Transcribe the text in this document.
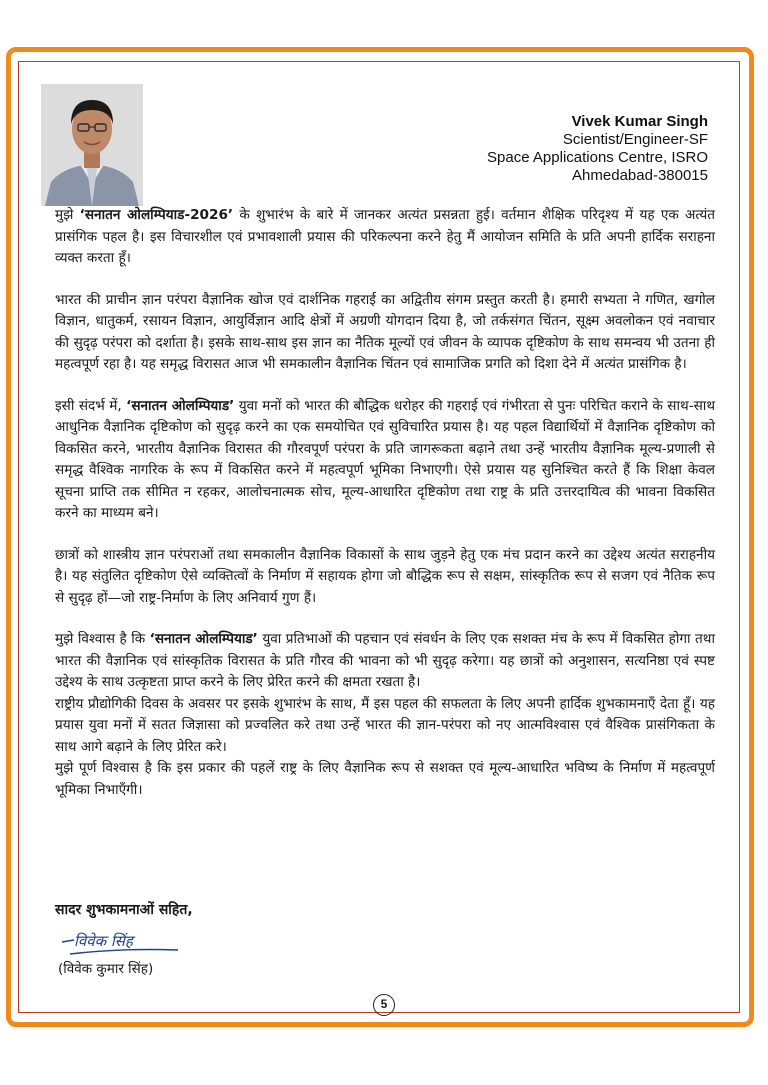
Vivek Kumar Singh
Scientist/Engineer-SF
Space Applications Centre, ISRO
Ahmedabad-380015

मुझे ‘सनातन ओलम्पियाड-2026’ के शुभारंभ के बारे में जानकर अत्यंत प्रसन्नता हुई। वर्तमान शैक्षिक परिदृश्य में यह एक अत्यंत प्रासंगिक पहल है। इस विचारशील एवं प्रभावशाली प्रयास की परिकल्पना करने हेतु मैं आयोजन समिति के प्रति अपनी हार्दिक सराहना व्यक्त करता हूँ।

भारत की प्राचीन ज्ञान परंपरा वैज्ञानिक खोज एवं दार्शनिक गहराई का अद्वितीय संगम प्रस्तुत करती है। हमारी सभ्यता ने गणित, खगोल विज्ञान, धातुकर्म, रसायन विज्ञान, आयुर्विज्ञान आदि क्षेत्रों में अग्रणी योगदान दिया है, जो तर्कसंगत चिंतन, सूक्ष्म अवलोकन एवं नवाचार की सुदृढ़ परंपरा को दर्शाता है। इसके साथ-साथ इस ज्ञान का नैतिक मूल्यों एवं जीवन के व्यापक दृष्टिकोण के साथ समन्वय भी उतना ही महत्वपूर्ण रहा है। यह समृद्ध विरासत आज भी समकालीन वैज्ञानिक चिंतन एवं सामाजिक प्रगति को दिशा देने में अत्यंत प्रासंगिक है।

इसी संदर्भ में, ‘सनातन ओलम्पियाड’ युवा मनों को भारत की बौद्धिक धरोहर की गहराई एवं गंभीरता से पुनः परिचित कराने के साथ-साथ आधुनिक वैज्ञानिक दृष्टिकोण को सुदृढ़ करने का एक समयोचित एवं सुविचारित प्रयास है। यह पहल विद्यार्थियों में वैज्ञानिक दृष्टिकोण को विकसित करने, भारतीय वैज्ञानिक विरासत की गौरवपूर्ण परंपरा के प्रति जागरूकता बढ़ाने तथा उन्हें भारतीय वैज्ञानिक मूल्य-प्रणाली से समृद्ध वैश्विक नागरिक के रूप में विकसित करने में महत्वपूर्ण भूमिका निभाएगी। ऐसे प्रयास यह सुनिश्चित करते हैं कि शिक्षा केवल सूचना प्राप्ति तक सीमित न रहकर, आलोचनात्मक सोच, मूल्य-आधारित दृष्टिकोण तथा राष्ट्र के प्रति उत्तरदायित्व की भावना विकसित करने का माध्यम बने।

छात्रों को शास्त्रीय ज्ञान परंपराओं तथा समकालीन वैज्ञानिक विकासों के साथ जुड़ने हेतु एक मंच प्रदान करने का उद्देश्य अत्यंत सराहनीय है। यह संतुलित दृष्टिकोण ऐसे व्यक्तित्वों के निर्माण में सहायक होगा जो बौद्धिक रूप से सक्षम, सांस्कृतिक रूप से सजग एवं नैतिक रूप से सुदृढ़ हों—जो राष्ट्र-निर्माण के लिए अनिवार्य गुण हैं।

मुझे विश्वास है कि ‘सनातन ओलम्पियाड’ युवा प्रतिभाओं की पहचान एवं संवर्धन के लिए एक सशक्त मंच के रूप में विकसित होगा तथा भारत की वैज्ञानिक एवं सांस्कृतिक विरासत के प्रति गौरव की भावना को भी सुदृढ़ करेगा। यह छात्रों को अनुशासन, सत्यनिष्ठा एवं स्पष्ट उद्देश्य के साथ उत्कृष्टता प्राप्त करने के लिए प्रेरित करने की क्षमता रखता है।

राष्ट्रीय प्रौद्योगिकी दिवस के अवसर पर इसके शुभारंभ के साथ, मैं इस पहल की सफलता के लिए अपनी हार्दिक शुभकामनाएँ देता हूँ। यह प्रयास युवा मनों में सतत जिज्ञासा को प्रज्वलित करे तथा उन्हें भारत की ज्ञान-परंपरा को नए आत्मविश्वास एवं वैश्विक प्रासंगिकता के साथ आगे बढ़ाने के लिए प्रेरित करे।

मुझे पूर्ण विश्वास है कि इस प्रकार की पहलें राष्ट्र के लिए वैज्ञानिक रूप से सशक्त एवं मूल्य-आधारित भविष्य के निर्माण में महत्वपूर्ण भूमिका निभाएँगी।

सादर शुभकामनाओं सहित,
विवेक सिंह
(विवेक कुमार सिंह)
5
